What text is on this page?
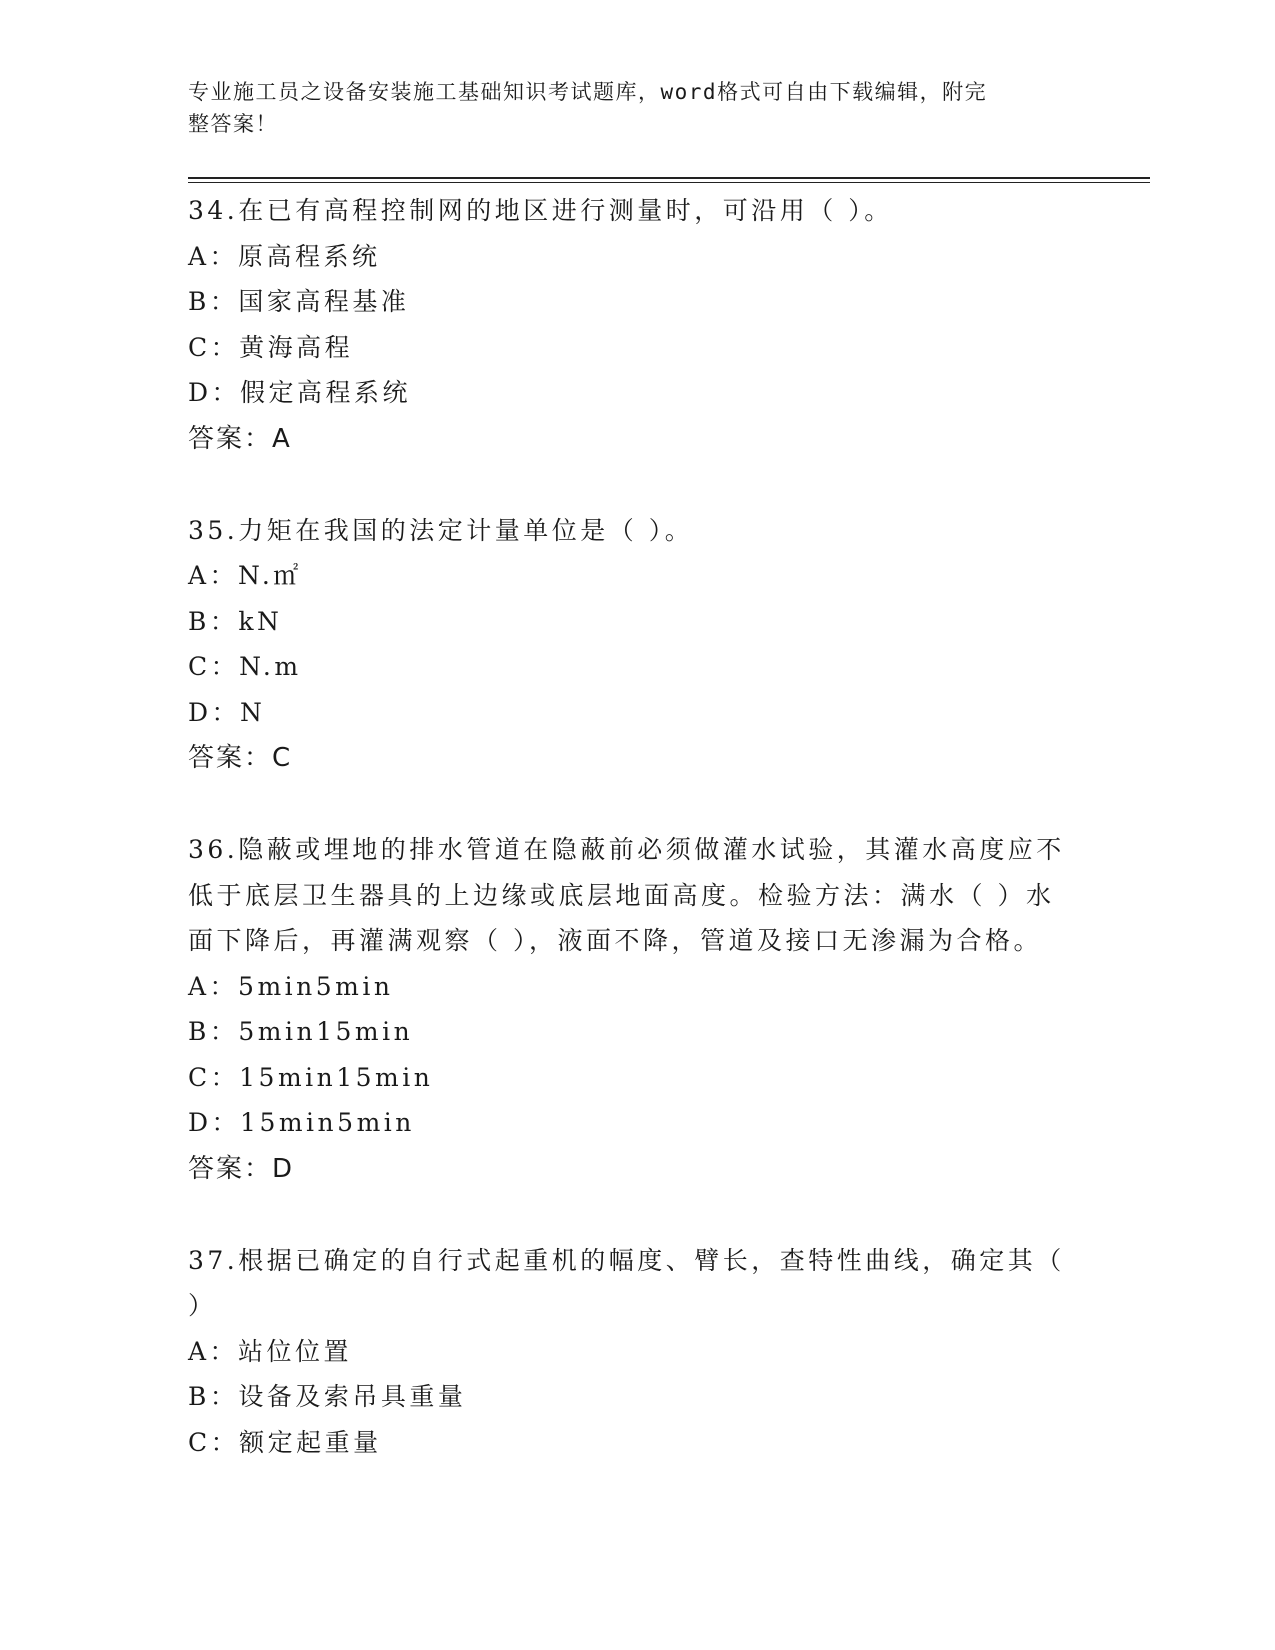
专业施工员之设备安装施工基础知识考试题库，word格式可自由下载编辑，附完
整答案！

34.在已有高程控制网的地区进行测量时，可沿用（ ）。

A：原高程系统

B：国家高程基准

C：黄海高程

D：假定高程系统

答案：A

35.力矩在我国的法定计量单位是（ ）。

A：N.㎡

B：kN

C：N.m

D：N

答案：C

36.隐蔽或埋地的排水管道在隐蔽前必须做灌水试验，其灌水高度应不

低于底层卫生器具的上边缘或底层地面高度。检验方法：满水（ ）水

面下降后，再灌满观察（ ），液面不降，管道及接口无渗漏为合格。

A：5min5min

B：5min15min

C：15min15min

D：15min5min

答案：D

37.根据已确定的自行式起重机的幅度、臂长，查特性曲线，确定其（

）

A：站位位置

B：设备及索吊具重量

C：额定起重量
